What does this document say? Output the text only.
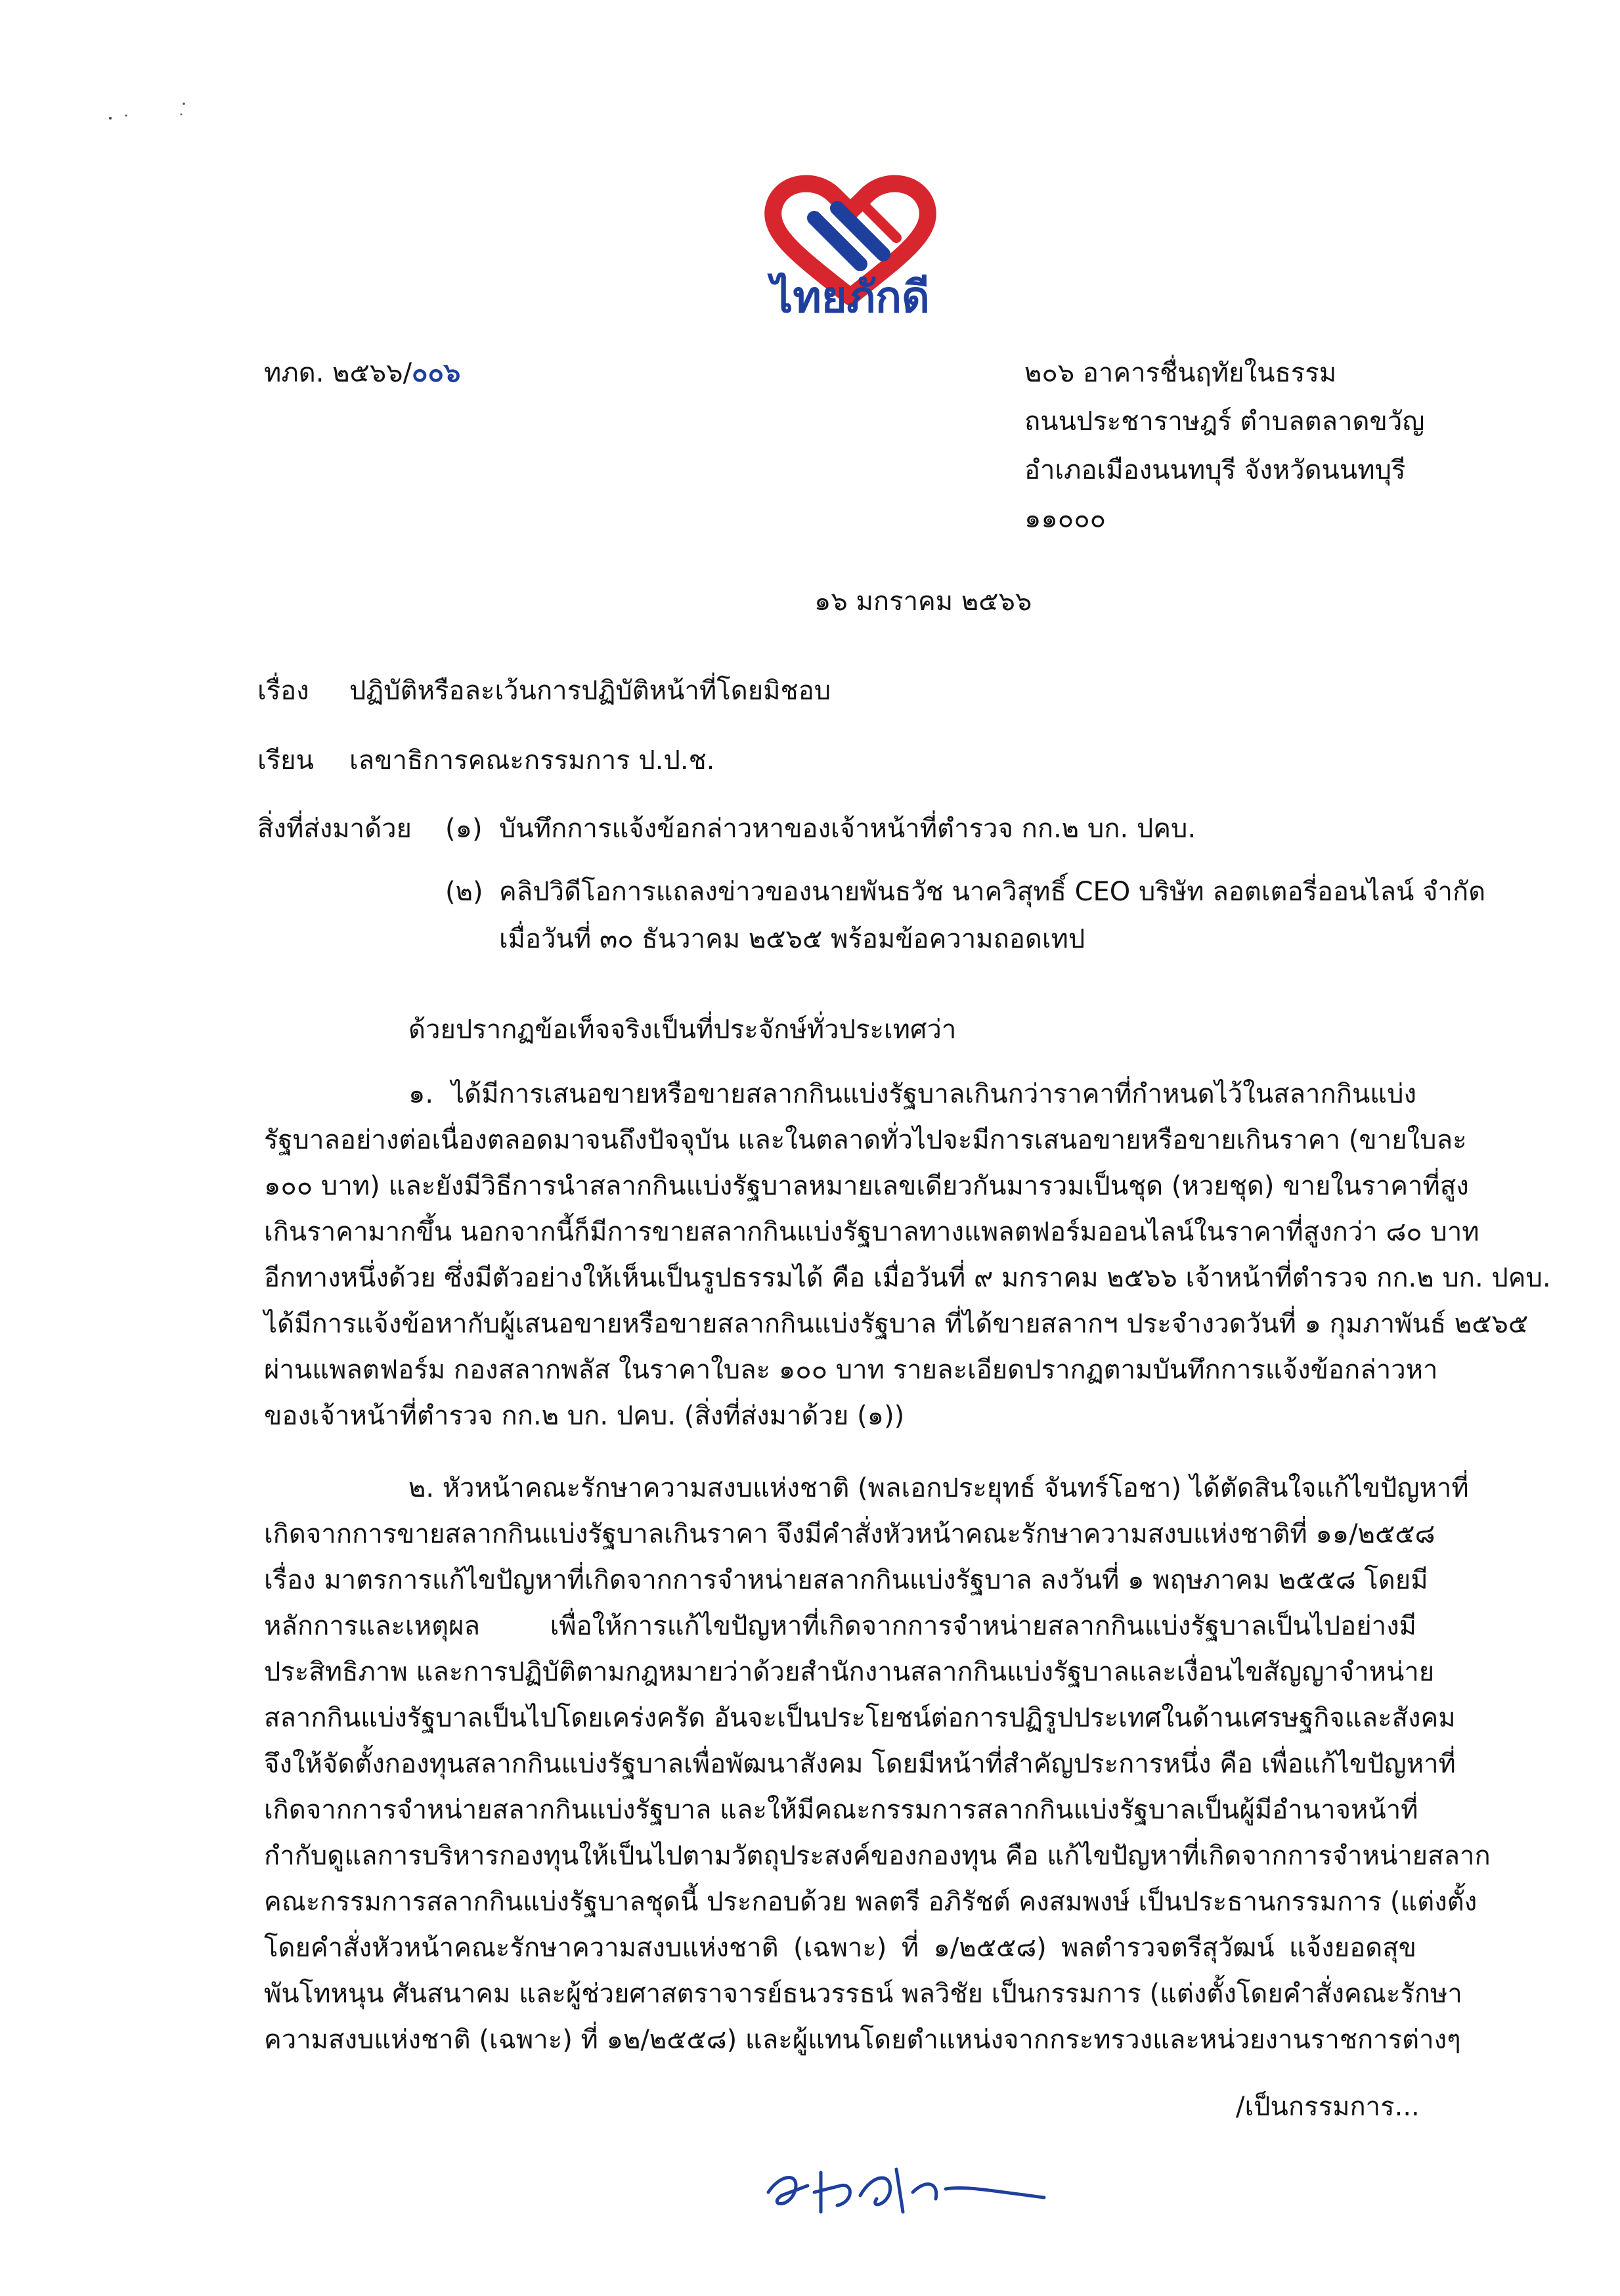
ไทยภักดี
ทภด. ๒๕๖๖/๐๐๖	๒๐๖ อาคารชื่นฤทัยในธรรม
ถนนประชาราษฎร์ ตำบลตลาดขวัญ
อำเภอเมืองนนทบุรี จังหวัดนนทบุรี
๑๑๐๐๐
๑๖ มกราคม ๒๕๖๖
เรื่อง ปฏิบัติหรือละเว้นการปฏิบัติหน้าที่โดยมิชอบ
เรียน เลขาธิการคณะกรรมการ ป.ป.ช.
สิ่งที่ส่งมาด้วย (๑) บันทึกการแจ้งข้อกล่าวหาของเจ้าหน้าที่ตำรวจ กก.๒ บก. ปคบ.
(๒) คลิปวิดีโอการแถลงข่าวของนายพันธวัช นาควิสุทธิ์ CEO บริษัท ลอตเตอรี่ออนไลน์ จำกัด
เมื่อวันที่ ๓๐ ธันวาคม ๒๕๖๕ พร้อมข้อความถอดเทป
ด้วยปรากฏข้อเท็จจริงเป็นที่ประจักษ์ทั่วประเทศว่า
๑. ได้มีการเสนอขายหรือขายสลากกินแบ่งรัฐบาลเกินกว่าราคาที่กำหนดไว้ในสลากกินแบ่ง
รัฐบาลอย่างต่อเนื่องตลอดมาจนถึงปัจจุบัน และในตลาดทั่วไปจะมีการเสนอขายหรือขายเกินราคา (ขายใบละ
๑๐๐ บาท) และยังมีวิธีการนำสลากกินแบ่งรัฐบาลหมายเลขเดียวกันมารวมเป็นชุด (หวยชุด) ขายในราคาที่สูง
เกินราคามากขึ้น นอกจากนี้ก็มีการขายสลากกินแบ่งรัฐบาลทางแพลตฟอร์มออนไลน์ในราคาที่สูงกว่า ๘๐ บาท
อีกทางหนึ่งด้วย ซึ่งมีตัวอย่างให้เห็นเป็นรูปธรรมได้ คือ เมื่อวันที่ ๙ มกราคม ๒๕๖๖ เจ้าหน้าที่ตำรวจ กก.๒ บก. ปคบ.
ได้มีการแจ้งข้อหากับผู้เสนอขายหรือขายสลากกินแบ่งรัฐบาล ที่ได้ขายสลากฯ ประจำงวดวันที่ ๑ กุมภาพันธ์ ๒๕๖๕
ผ่านแพลตฟอร์ม กองสลากพลัส ในราคาใบละ ๑๐๐ บาท รายละเอียดปรากฏตามบันทึกการแจ้งข้อกล่าวหา
ของเจ้าหน้าที่ตำรวจ กก.๒ บก. ปคบ. (สิ่งที่ส่งมาด้วย (๑))
๒. หัวหน้าคณะรักษาความสงบแห่งชาติ (พลเอกประยุทธ์ จันทร์โอชา) ได้ตัดสินใจแก้ไขปัญหาที่
เกิดจากการขายสลากกินแบ่งรัฐบาลเกินราคา จึงมีคำสั่งหัวหน้าคณะรักษาความสงบแห่งชาติที่ ๑๑/๒๕๕๘
เรื่อง มาตรการแก้ไขปัญหาที่เกิดจากการจำหน่ายสลากกินแบ่งรัฐบาล ลงวันที่ ๑ พฤษภาคม ๒๕๕๘ โดยมี
หลักการและเหตุผล เพื่อให้การแก้ไขปัญหาที่เกิดจากการจำหน่ายสลากกินแบ่งรัฐบาลเป็นไปอย่างมี
ประสิทธิภาพ และการปฏิบัติตามกฎหมายว่าด้วยสำนักงานสลากกินแบ่งรัฐบาลและเงื่อนไขสัญญาจำหน่าย
สลากกินแบ่งรัฐบาลเป็นไปโดยเคร่งครัด อันจะเป็นประโยชน์ต่อการปฏิรูปประเทศในด้านเศรษฐกิจและสังคม
จึงให้จัดตั้งกองทุนสลากกินแบ่งรัฐบาลเพื่อพัฒนาสังคม โดยมีหน้าที่สำคัญประการหนึ่ง คือ เพื่อแก้ไขปัญหาที่
เกิดจากการจำหน่ายสลากกินแบ่งรัฐบาล และให้มีคณะกรรมการสลากกินแบ่งรัฐบาลเป็นผู้มีอำนาจหน้าที่
กำกับดูแลการบริหารกองทุนให้เป็นไปตามวัตถุประสงค์ของกองทุน คือ แก้ไขปัญหาที่เกิดจากการจำหน่ายสลาก
คณะกรรมการสลากกินแบ่งรัฐบาลชุดนี้ ประกอบด้วย พลตรี อภิรัชต์ คงสมพงษ์ เป็นประธานกรรมการ (แต่งตั้ง
โดยคำสั่งหัวหน้าคณะรักษาความสงบแห่งชาติ (เฉพาะ) ที่ ๑/๒๕๕๘) พลตำรวจตรีสุวัฒน์ แจ้งยอดสุข
พันโทหนุน ศันสนาคม และผู้ช่วยศาสตราจารย์ธนวรรธน์ พลวิชัย เป็นกรรมการ (แต่งตั้งโดยคำสั่งคณะรักษา
ความสงบแห่งชาติ (เฉพาะ) ที่ ๑๒/๒๕๕๘) และผู้แทนโดยตำแหน่งจากกระทรวงและหน่วยงานราชการต่างๆ
/เป็นกรรมการ...
